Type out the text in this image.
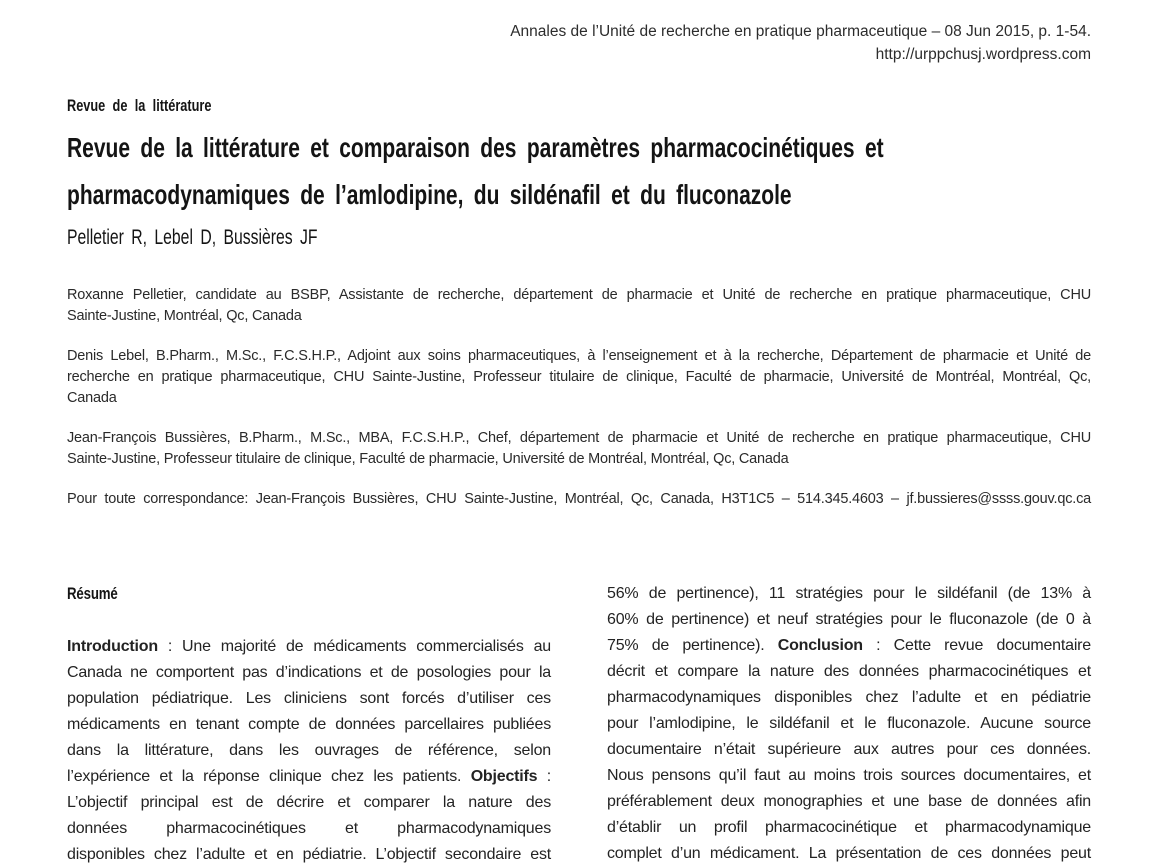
Annales de l’Unité de recherche en pratique pharmaceutique – 08 Jun 2015, p. 1-54.
http://urppchusj.wordpress.com
Revue de la littérature
Revue de la littérature et comparaison des paramètres pharmacocinétiques et
pharmacodynamiques de l’amlodipine, du sildénafil et du fluconazole
Pelletier R, Lebel D, Bussières JF
Roxanne Pelletier, candidate au BSBP, Assistante de recherche, département de pharmacie et Unité de recherche en pratique pharmaceutique, CHU
Sainte-Justine, Montréal, Qc, Canada
Denis Lebel, B.Pharm., M.Sc., F.C.S.H.P., Adjoint aux soins pharmaceutiques, à l’enseignement et à la recherche, Département de pharmacie et Unité de
recherche en pratique pharmaceutique, CHU Sainte-Justine, Professeur titulaire de clinique, Faculté de pharmacie, Université de Montréal, Montréal, Qc,
Canada
Jean-François Bussières, B.Pharm., M.Sc., MBA, F.C.S.H.P., Chef, département de pharmacie et Unité de recherche en pratique pharmaceutique, CHU
Sainte-Justine, Professeur titulaire de clinique, Faculté de pharmacie, Université de Montréal, Montréal, Qc, Canada
Pour toute correspondance: Jean-François Bussières, CHU Sainte-Justine, Montréal, Qc, Canada, H3T1C5 – 514.345.4603 – jf.bussieres@ssss.gouv.qc.ca
Résumé
Introduction : Une majorité de médicaments commercialisés au
Canada ne comportent pas d’indications et de posologies pour la
population pédiatrique. Les cliniciens sont forcés d’utiliser ces
médicaments en tenant compte de données parcellaires publiées
dans la littérature, dans les ouvrages de référence, selon
l’expérience et la réponse clinique chez les patients. Objectifs :
L’objectif principal est de décrire et comparer la nature des
données pharmacocinétiques et pharmacodynamiques
disponibles chez l’adulte et en pédiatrie. L’objectif secondaire est
56% de pertinence), 11 stratégies pour le sildéfanil (de 13% à
60% de pertinence) et neuf stratégies pour le fluconazole (de 0 à
75% de pertinence). Conclusion : Cette revue documentaire
décrit et compare la nature des données pharmacocinétiques et
pharmacodynamiques disponibles chez l’adulte et en pédiatrie
pour l’amlodipine, le sildéfanil et le fluconazole. Aucune source
documentaire n’était supérieure aux autres pour ces données.
Nous pensons qu’il faut au moins trois sources documentaires, et
préférablement deux monographies et une base de données afin
d’établir un profil pharmacocinétique et pharmacodynamique
complet d’un médicament. La présentation de ces données peut
